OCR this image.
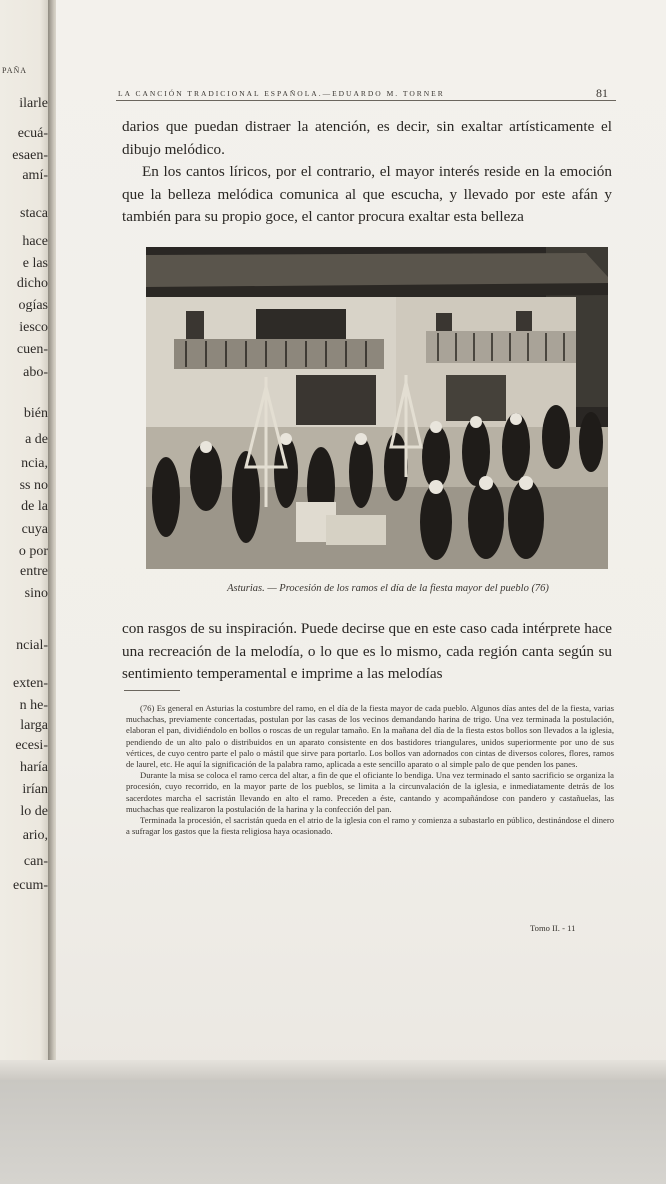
PAÑA
ilarle
ecuá-
esaen-
amí-
staca
hace
e las
dicho
ogías
iesco
cuen-
abo-
bién
a de
ncia,
ss no
de la
cuya
o por
entre
sino
ncial-
exten-
n he-
larga
ecesi-
haría
irían
lo de
ario,
can-
ecum-
LA CANCIÓN TRADICIONAL ESPAÑOLA.—EDUARDO M. TORNER	81

darios que puedan distraer la atención, es decir, sin exaltar artísticamente el dibujo melódico.

En los cantos líricos, por el contrario, el mayor interés reside en la emoción que la belleza melódica comunica al que escucha, y llevado por este afán y también para su propio goce, el cantor procura exaltar esta belleza

Asturias. — Procesión de los ramos el día de la fiesta mayor del pueblo (76)

con rasgos de su inspiración. Puede decirse que en este caso cada intérprete hace una recreación de la melodía, o lo que es lo mismo, cada región canta según su sentimiento temperamental e imprime a las melodías

(76) Es general en Asturias la costumbre del ramo, en el día de la fiesta mayor de cada pueblo. Algunos días antes del de la fiesta, varias muchachas, previamente concertadas, postulan por las casas de los vecinos demandando harina de trigo. Una vez terminada la postulación, elaboran el pan, dividiéndolo en bollos o roscas de un regular tamaño. En la mañana del día de la fiesta estos bollos son llevados a la iglesia, pendiendo de un alto palo o distribuidos en un aparato consistente en dos bastidores triangulares, unidos superiormente por uno de sus vértices, de cuyo centro parte el palo o mástil que sirve para portarlo. Los bollos van adornados con cintas de diversos colores, flores, ramos de laurel, etc. He aquí la significación de la palabra ramo, aplicada a este sencillo aparato o al simple palo de que penden los panes.

Durante la misa se coloca el ramo cerca del altar, a fin de que el oficiante lo bendiga. Una vez terminado el santo sacrificio se organiza la procesión, cuyo recorrido, en la mayor parte de los pueblos, se limita a la circunvalación de la iglesia, e inmediatamente detrás de los sacerdotes marcha el sacristán llevando en alto el ramo. Preceden a éste, cantando y acompañándose con pandero y castañuelas, las muchachas que realizaron la postulación de la harina y la confección del pan.

Terminada la procesión, el sacristán queda en el atrio de la iglesia con el ramo y comienza a subastarlo en público, destinándose el dinero a sufragar los gastos que la fiesta religiosa haya ocasionado.

Tomo II. - 11
